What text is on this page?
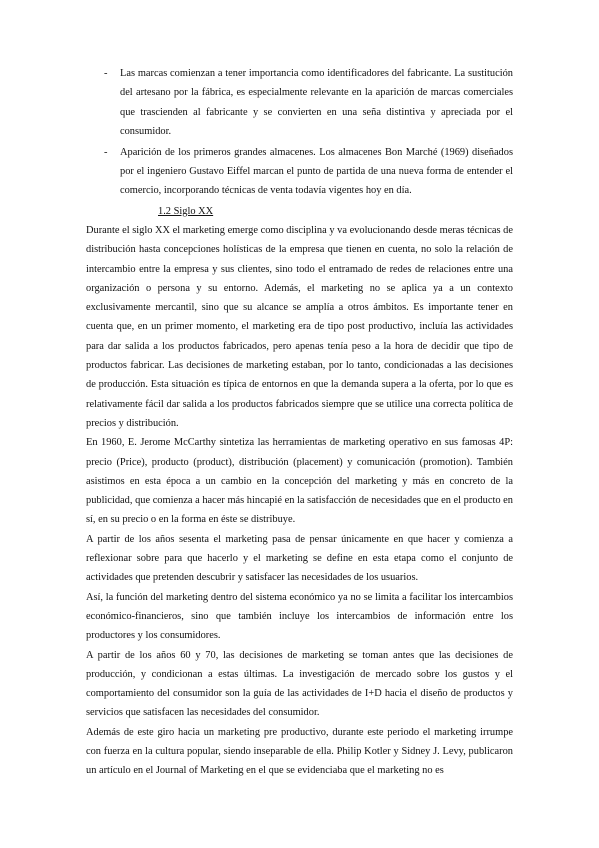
- Las marcas comienzan a tener importancia como identificadores del fabricante. La sustitución del artesano por la fábrica, es especialmente relevante en la aparición de marcas comerciales que trascienden al fabricante y se convierten en una seña distintiva y apreciada por el consumidor.

- Aparición de los primeros grandes almacenes. Los almacenes Bon Marché (1969) diseñados por el ingeniero Gustavo Eiffel marcan el punto de partida de una nueva forma de entender el comercio, incorporando técnicas de venta todavía vigentes hoy en día.

1.2 Siglo XX

Durante el siglo XX el marketing emerge como disciplina y va evolucionando desde meras técnicas de distribución hasta concepciones holísticas de la empresa que tienen en cuenta, no solo la relación de intercambio entre la empresa y sus clientes, sino todo el entramado de redes de relaciones entre una organización o persona y su entorno. Además, el marketing no se aplica ya a un contexto exclusivamente mercantil, sino que su alcance se amplía a otros ámbitos. Es importante tener en cuenta que, en un primer momento, el marketing era de tipo post productivo, incluía las actividades para dar salida a los productos fabricados, pero apenas tenía peso a la hora de decidir que tipo de productos fabricar. Las decisiones de marketing estaban, por lo tanto, condicionadas a las decisiones de producción. Esta situación es típica de entornos en que la demanda supera a la oferta, por lo que es relativamente fácil dar salida a los productos fabricados siempre que se utilice una correcta política de precios y distribución.

En 1960, E. Jerome McCarthy sintetiza las herramientas de marketing operativo en sus famosas 4P: precio (Price), producto (product), distribución (placement) y comunicación (promotion). También asistimos en esta época a un cambio en la concepción del marketing y más en concreto de la publicidad, que comienza a hacer más hincapié en la satisfacción de necesidades que en el producto en sí, en su precio o en la forma en éste se distribuye.

A partir de los años sesenta el marketing pasa de pensar únicamente en que hacer y comienza a reflexionar sobre para que hacerlo y el marketing se define en esta etapa como el conjunto de actividades que pretenden descubrir y satisfacer las necesidades de los usuarios.

Así, la función del marketing dentro del sistema económico ya no se limita a facilitar los intercambios económico-financieros, sino que también incluye los intercambios de información entre los productores y los consumidores.

A partir de los años 60 y 70, las decisiones de marketing se toman antes que las decisiones de producción, y condicionan a estas últimas. La investigación de mercado sobre los gustos y el comportamiento del consumidor son la guía de las actividades de I+D hacia el diseño de productos y servicios que satisfacen las necesidades del consumidor.

Además de este giro hacia un marketing pre productivo, durante este periodo el marketing irrumpe con fuerza en la cultura popular, siendo inseparable de ella. Philip Kotler y Sidney J. Levy, publicaron un artículo en el Journal of Marketing en el que se evidenciaba que el marketing no es
